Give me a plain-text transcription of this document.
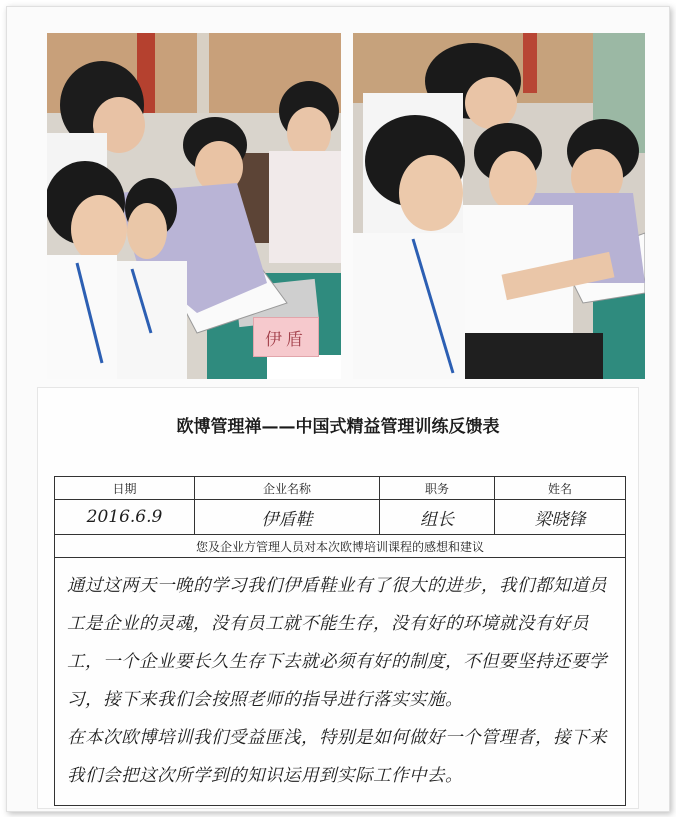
伊盾
欧博管理禅——中国式精益管理训练反馈表
日期	企业名称	职务	姓名
2016.6.9	伊盾鞋	组长	梁晓锋
您及企业方管理人员对本次欧博培训课程的感想和建议

通过这两天一晚的学习我们伊盾鞋业有了很大的进步，我们都知道员工是企业的灵魂，没有员工就不能生存，没有好的环境就没有好员工，一个企业要长久生存下去就必须有好的制度，不但要坚持还要学习，接下来我们会按照老师的指导进行落实实施。

在本次欧博培训我们受益匪浅，特别是如何做好一个管理者，接下来我们会把这次所学到的知识运用到实际工作中去。
